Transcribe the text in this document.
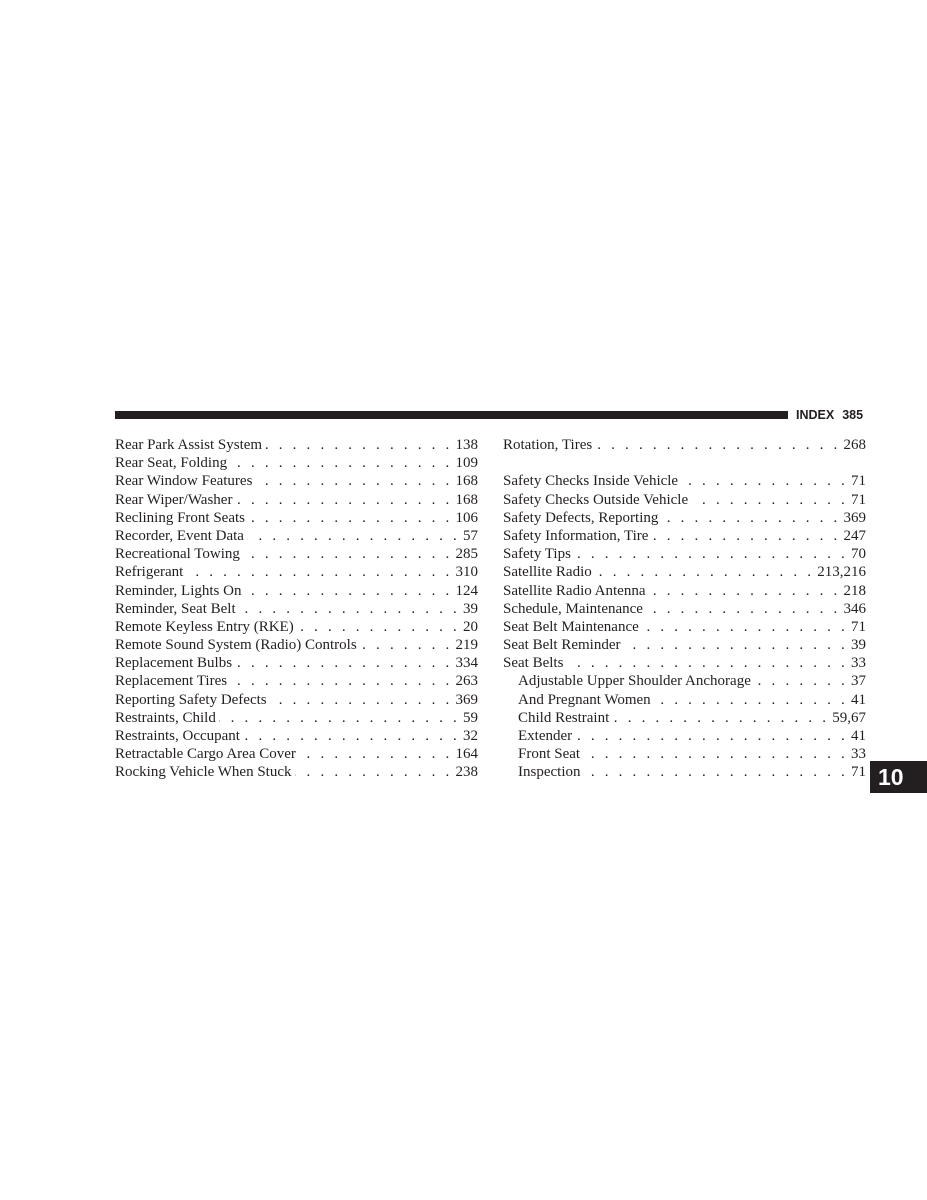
INDEX 385
Rear Park Assist System . . .	138
Rear Seat, Folding . . .	109
Rear Window Features . . .	168
Rear Wiper/Washer . . .	168
Reclining Front Seats . . .	106
Recorder, Event Data . . .	57
Recreational Towing . . .	285
Refrigerant . . .	310
Reminder, Lights On . . .	124
Reminder, Seat Belt . . .	39
Remote Keyless Entry (RKE) . . .	20
Remote Sound System (Radio) Controls . . .	219
Replacement Bulbs . . .	334
Replacement Tires . . .	263
Reporting Safety Defects . . .	369
Restraints, Child . . .	59
Restraints, Occupant . . .	32
Retractable Cargo Area Cover . . .	164
Rocking Vehicle When Stuck . . .	238
Rotation, Tires . . .	268
Safety Checks Inside Vehicle . . .	71
Safety Checks Outside Vehicle . . .	71
Safety Defects, Reporting . . .	369
Safety Information, Tire . . .	247
Safety Tips . . .	70
Satellite Radio . . .	213,216
Satellite Radio Antenna . . .	218
Schedule, Maintenance . . .	346
Seat Belt Maintenance . . .	71
Seat Belt Reminder . . .	39
Seat Belts . . .	33
Adjustable Upper Shoulder Anchorage . . .	37
And Pregnant Women . . .	41
Child Restraint . . .	59,67
Extender . . .	41
Front Seat . . .	33
Inspection . . .	71 10
